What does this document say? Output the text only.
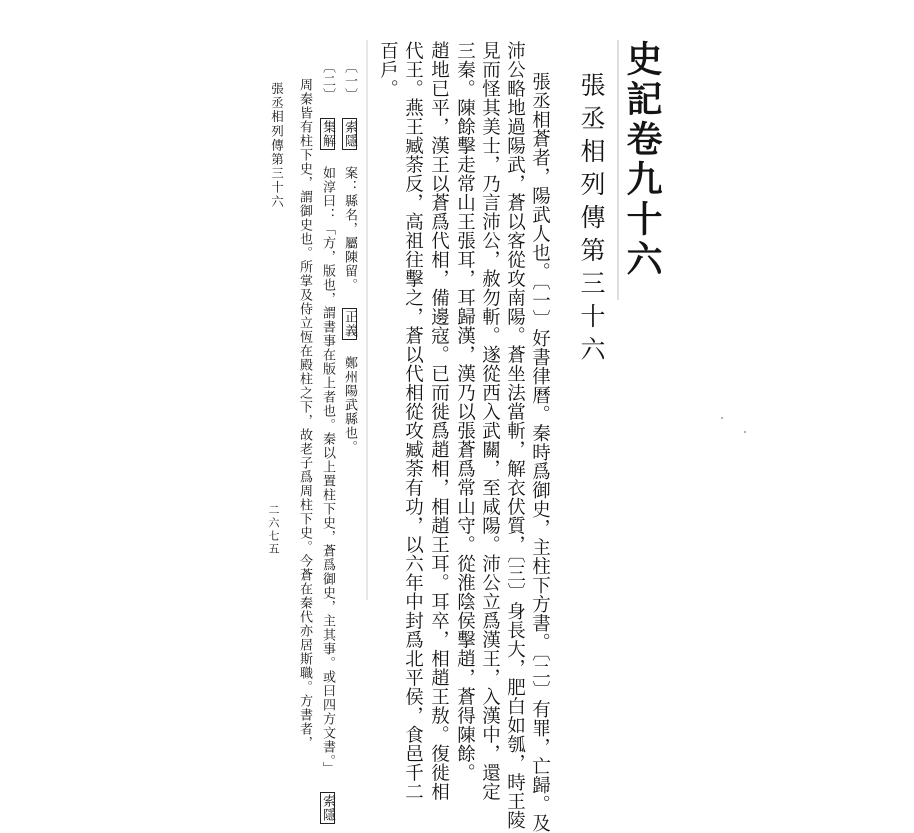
史記卷九十六
張丞相列傳第三十六
張丞相蒼者，陽武人也。〔一〕好書律曆。秦時爲御史，主柱下方書。〔二〕有罪，亡歸。及
沛公略地過陽武，蒼以客從攻南陽。蒼坐法當斬，解衣伏質，〔三〕身長大，肥白如瓠，時王陵
見而怪其美士，乃言沛公，赦勿斬。遂從西入武關，至咸陽。沛公立爲漢王，入漢中，還定
三秦。陳餘擊走常山王張耳，耳歸漢，漢乃以張蒼爲常山守。從淮陰侯擊趙，蒼得陳餘。
趙地已平，漢王以蒼爲代相，備邊寇。已而徙爲趙相，相趙王耳。耳卒，相趙王敖。復徙相
代王。燕王臧荼反，高祖往擊之，蒼以代相從攻臧荼有功，以六年中封爲北平侯，食邑千二
百戶。
〔一〕 索隱 案：縣名，屬陳留。 正義 鄭州陽武縣也。
〔二〕 集解 如淳曰：「方，版也，謂書事在版上者也。秦以上置柱下史，蒼爲御史，主其事。或曰四方文書。」 索隱
周秦皆有柱下史，謂御史也。所掌及侍立恆在殿柱之下，故老子爲周柱下史。今蒼在秦代亦居斯職。方書者，
張丞相列傳第三十六
二六七五
